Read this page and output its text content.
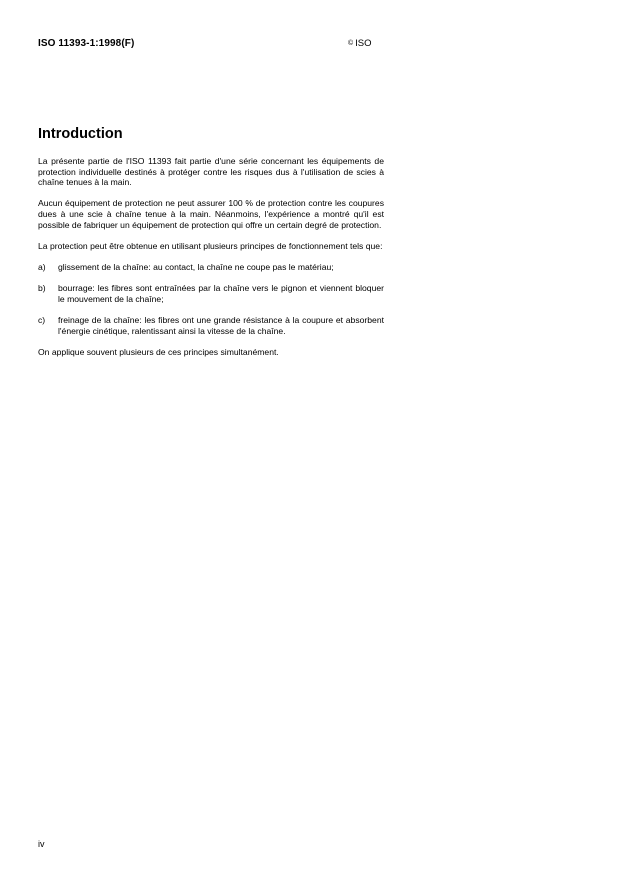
ISO 11393-1:1998(F)	© ISO
Introduction

La présente partie de l'ISO 11393 fait partie d'une série concernant les équipements de protection individuelle destinés à protéger contre les risques dus à l'utilisation de scies à chaîne tenues à la main.

Aucun équipement de protection ne peut assurer 100 % de protection contre les coupures dues à une scie à chaîne tenue à la main. Néanmoins, l'expérience a montré qu'il est possible de fabriquer un équipement de protection qui offre un certain degré de protection.

La protection peut être obtenue en utilisant plusieurs principes de fonctionnement tels que:

a)	glissement de la chaîne: au contact, la chaîne ne coupe pas le matériau;
b)	bourrage: les fibres sont entraînées par la chaîne vers le pignon et viennent bloquer le mouvement de la chaîne;
c)	freinage de la chaîne: les fibres ont une grande résistance à la coupure et absorbent l'énergie cinétique, ralentissant ainsi la vitesse de la chaîne.

On applique souvent plusieurs de ces principes simultanément.

iv
